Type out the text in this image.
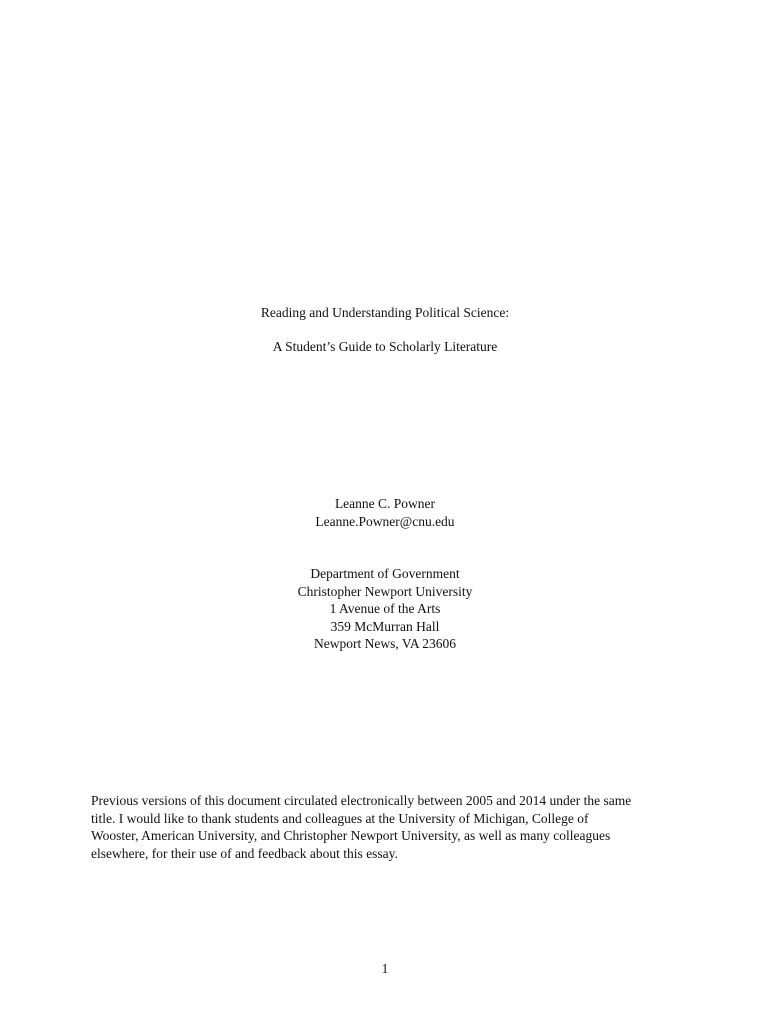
Reading and Understanding Political Science:
A Student’s Guide to Scholarly Literature
Leanne C. Powner
Leanne.Powner@cnu.edu
Department of Government
Christopher Newport University
1 Avenue of the Arts
359 McMurran Hall
Newport News, VA 23606
Previous versions of this document circulated electronically between 2005 and 2014 under the same
title. I would like to thank students and colleagues at the University of Michigan, College of
Wooster, American University, and Christopher Newport University, as well as many colleagues
elsewhere, for their use of and feedback about this essay.
1
